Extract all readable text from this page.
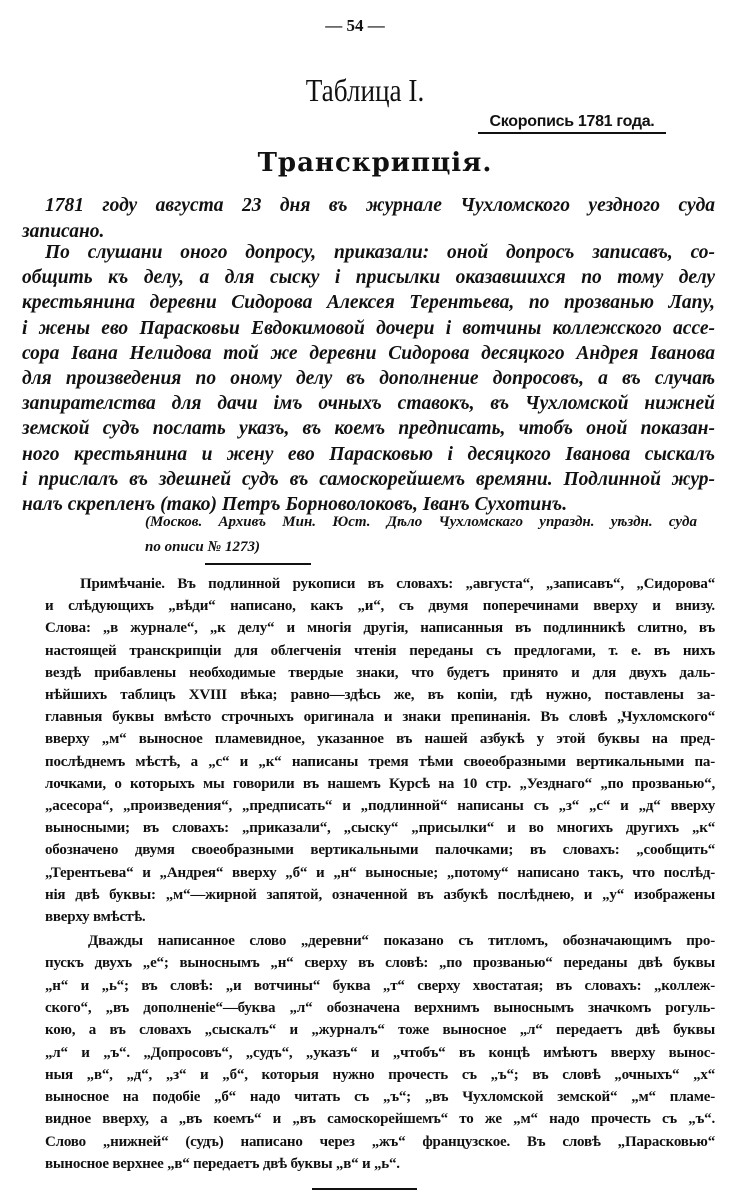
— 54 —
Таблица I.
Скоропись 1781 года.
Транскрипція.
1781 году августа 23 дня въ журнале Чухломского уездного суда
записано.
По слушани оного допросу, приказали: оной допросъ записавъ, со-
общить къ делу, а для сыску і присылки оказавшихся по тому делу
крестьянина деревни Сидорова Алексея Терентьева, по прозванью Лапу,
і жены ево Парасковьи Евдокимовой дочери і вотчины коллежского ассе-
сора Івана Нелидова той же деревни Сидорова десяцкого Андрея Іванова
для произведения по оному делу въ дополнение допросовъ, а въ случаѣ
запирателства для дачи імъ очныхъ ставокъ, въ Чухломской нижней
земской судъ послать указъ, въ коемъ предписать, чтобъ оной показан-
ного крестьянина и жену ево Парасковью і десяцкого Іванова сыскалъ
і прислалъ въ здешней судъ въ самоскорейшемъ времяни. Подлинной жур-
налъ скрепленъ (тако) Петръ Борноволоковъ, Іванъ Сухотинъ.
(Москов. Архивъ Мин. Юст. Дѣло Чухломскаго упраздн. уѣздн. суда
по описи № 1273)
Примѣчаніе. Въ подлинной рукописи въ словахъ: „августа“, „записавъ“, „Сидорова“
и слѣдующихъ „вѣди“ написано, какъ „и“, съ двумя поперечинами вверху и внизу.
Слова: „в журнале“, „к делу“ и многія другія, написанныя въ подлинникѣ слитно, въ
настоящей транскрипціи для облегченія чтенія переданы съ предлогами, т. е. въ нихъ
вездѣ прибавлены необходимые твердые знаки, что будетъ принято и для двухъ даль-
нѣйшихъ таблицъ XVIII вѣка; равно—здѣсь же, въ копіи, гдѣ нужно, поставлены за-
главныя буквы вмѣсто строчныхъ оригинала и знаки препинанія. Въ словѣ „Чухломского“
вверху „м“ выносное пламевидное, указанное въ нашей азбукѣ у этой буквы на пред-
послѣднемъ мѣстѣ, а „с“ и „к“ написаны тремя тѣми своеобразными вертикальными па-
лочками, о которыхъ мы говорили въ нашемъ Курсѣ на 10 стр. „Уезднаго“ „по прозванью“,
„асесора“, „произведения“, „предписать“ и „подлинной“ написаны съ „з“ „с“ и „д“ вверху
выносными; въ словахъ: „приказали“, „сыску“ „присылки“ и во многихъ другихъ „к“
обозначено двумя своеобразными вертикальными палочками; въ словахъ: „сообщить“
„Терентьева“ и „Андрея“ вверху „б“ и „н“ выносные; „потому“ написано такъ, что послѣд-
нія двѣ буквы: „м“—жирной запятой, означенной въ азбукѣ послѣднею, и „у“ изображены
вверху вмѣстѣ.
Дважды написанное слово „деревни“ показано съ титломъ, обозначающимъ про-
пускъ двухъ „е“; выноснымъ „н“ сверху въ словѣ: „по прозванью“ переданы двѣ буквы
„н“ и „ь“; въ словѣ: „и вотчины“ буква „т“ сверху хвостатая; въ словахъ: „коллеж-
ского“, „въ дополненіе“—буква „л“ обозначена верхнимъ выноснымъ значкомъ рогуль-
кою, а въ словахъ „сыскалъ“ и „журналъ“ тоже выносное „л“ передаетъ двѣ буквы
„л“ и „ъ“. „Допросовъ“, „судъ“, „указъ“ и „чтобъ“ въ концѣ имѣютъ вверху вынос-
ныя „в“, „д“, „з“ и „б“, которыя нужно прочесть съ „ъ“; въ словѣ „очныхъ“ „х“
выносное на подобіе „б“ надо читать съ „ъ“; „въ Чухломской земской“ „м“ пламе-
видное вверху, а „въ коемъ“ и „въ самоскорейшемъ“ то же „м“ надо прочесть съ „ъ“.
Слово „нижней“ (судъ) написано через „жъ“ французское. Въ словѣ „Парасковью“
выносное верхнее „в“ передаетъ двѣ буквы „в“ и „ь“.
